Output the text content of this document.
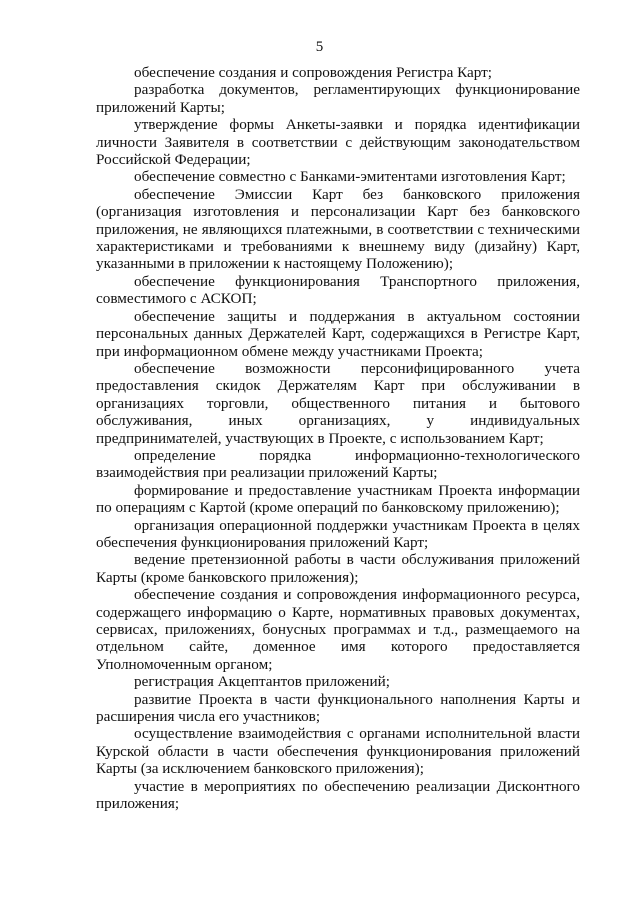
5

обеспечение создания и сопровождения Регистра Карт;

разработка документов, регламентирующих функционирование приложений Карты;

утверждение формы Анкеты-заявки и порядка идентификации личности Заявителя в соответствии с действующим законодательством Российской Федерации;

обеспечение совместно с Банками-эмитентами изготовления Карт;

обеспечение Эмиссии Карт без банковского приложения (организация изготовления и персонализации Карт без банковского приложения, не являющихся платежными, в соответствии с техническими характеристиками и требованиями к внешнему виду (дизайну) Карт, указанными в приложении к настоящему Положению);

обеспечение функционирования Транспортного приложения, совместимого с АСКОП;

обеспечение защиты и поддержания в актуальном состоянии персональных данных Держателей Карт, содержащихся в Регистре Карт, при информационном обмене между участниками Проекта;

обеспечение возможности персонифицированного учета предоставления скидок Держателям Карт при обслуживании в организациях торговли, общественного питания и бытового обслуживания, иных организациях, у индивидуальных предпринимателей, участвующих в Проекте, с использованием Карт;

определение порядка информационно-технологического взаимодействия при реализации приложений Карты;

формирование и предоставление участникам Проекта информации по операциям с Картой (кроме операций по банковскому приложению);

организация операционной поддержки участникам Проекта в целях обеспечения функционирования приложений Карт;

ведение претензионной работы в части обслуживания приложений Карты (кроме банковского приложения);

обеспечение создания и сопровождения информационного ресурса, содержащего информацию о Карте, нормативных правовых документах, сервисах, приложениях, бонусных программах и т.д., размещаемого на отдельном сайте, доменное имя которого предоставляется Уполномоченным органом;

регистрация Акцептантов приложений;

развитие Проекта в части функционального наполнения Карты и расширения числа его участников;

осуществление взаимодействия с органами исполнительной власти Курской области в части обеспечения функционирования приложений Карты (за исключением банковского приложения);

участие в мероприятиях по обеспечению реализации Дисконтного приложения;
